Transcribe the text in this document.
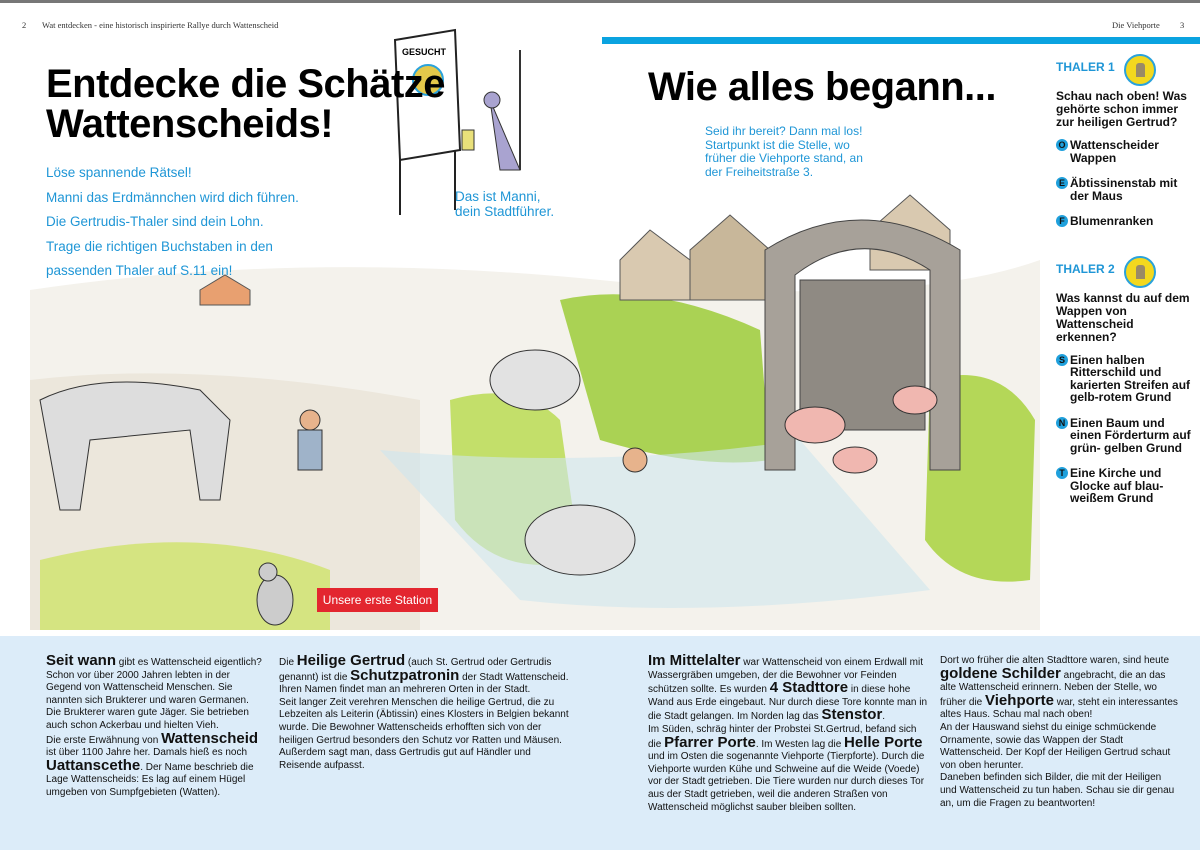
2 Wat entdecken - eine historisch inspirierte Rallye durch Wattenscheid	Die Viehporte 3
GESUCHT
Entdecke die Schätze
Wattenscheids!
Löse spannende Rätsel!
Manni das Erdmännchen wird dich führen.
Die Gertrudis-Thaler sind dein Lohn.
Trage die richtigen Buchstaben in den
passenden Thaler auf S.11 ein!
Das ist Manni,
dein Stadtführer.
Wie alles begann...
Seid ihr bereit? Dann mal los!
Startpunkt ist die Stelle, wo
früher die Viehporte stand, an
der Freiheitstraße 3.
THALER 1
Schau nach oben! Was gehörte schon immer zur heiligen Gertrud?
O Wattenscheider Wappen
E Äbtissinenstab mit der Maus
F Blumenranken
THALER 2
Was kannst du auf dem Wappen von Wattenscheid erkennen?
S Einen halben Ritterschild und karierten Streifen auf gelb-rotem Grund
N Einen Baum und einen Förderturm auf grün- gelben Grund
T Eine Kirche und Glocke auf blau-weißem Grund
Unsere erste Station
Seit wann gibt es Wattenscheid eigentlich? Schon vor über 2000 Jahren lebten in der Gegend von Wattenscheid Menschen. Sie nannten sich Brukterer und waren Germanen. Die Brukterer waren gute Jäger. Sie betrieben auch schon Ackerbau und hielten Vieh.
Die erste Erwähnung von Wattenscheid ist über 1100 Jahre her. Damals hieß es noch Uattanscethe. Der Name beschrieb die Lage Wattenscheids: Es lag auf einem Hügel umgeben von Sumpfgebieten (Watten).
Die Heilige Gertrud (auch St. Gertrud oder Gertrudis genannt) ist die Schutzpatronin der Stadt Wattenscheid. Ihren Namen findet man an mehreren Orten in der Stadt.
Seit langer Zeit verehren Menschen die heilige Gertrud, die zu Lebzeiten als Leiterin (Äbtissin) eines Klosters in Belgien bekannt wurde. Die Bewohner Wattenscheids erhofften sich von der heiligen Gertrud besonders den Schutz vor Ratten und Mäusen. Außerdem sagt man, dass Gertrudis gut auf Händler und Reisende aufpasst.
Im Mittelalter war Wattenscheid von einem Erdwall mit Wassergräben umgeben, der die Bewohner vor Feinden schützen sollte. Es wurden 4 Stadttore in diese hohe Wand aus Erde eingebaut. Nur durch diese Tore konnte man in die Stadt gelangen. Im Norden lag das Stenstor.
Im Süden, schräg hinter der Probstei St.Gertrud, befand sich die Pfarrer Porte. Im Westen lag die Helle Porte und im Osten die sogenannte Viehporte (Tierpforte). Durch die Viehporte wurden Kühe und Schweine auf die Weide (Voede) vor der Stadt getrieben. Die Tiere wurden nur durch dieses Tor aus der Stadt getrieben, weil die anderen Straßen von Wattenscheid möglichst sauber bleiben sollten.
Dort wo früher die alten Stadttore waren, sind heute goldene Schilder angebracht, die an das alte Wattenscheid erinnern. Neben der Stelle, wo früher die Viehporte war, steht ein interessantes altes Haus. Schau mal nach oben!
An der Hauswand siehst du einige schmückende Ornamente, sowie das Wappen der Stadt Wattenscheid. Der Kopf der Heiligen Gertrud schaut von oben herunter.
Daneben befinden sich Bilder, die mit der Heiligen und Wattenscheid zu tun haben. Schau sie dir genau an, um die Fragen zu beantworten!
